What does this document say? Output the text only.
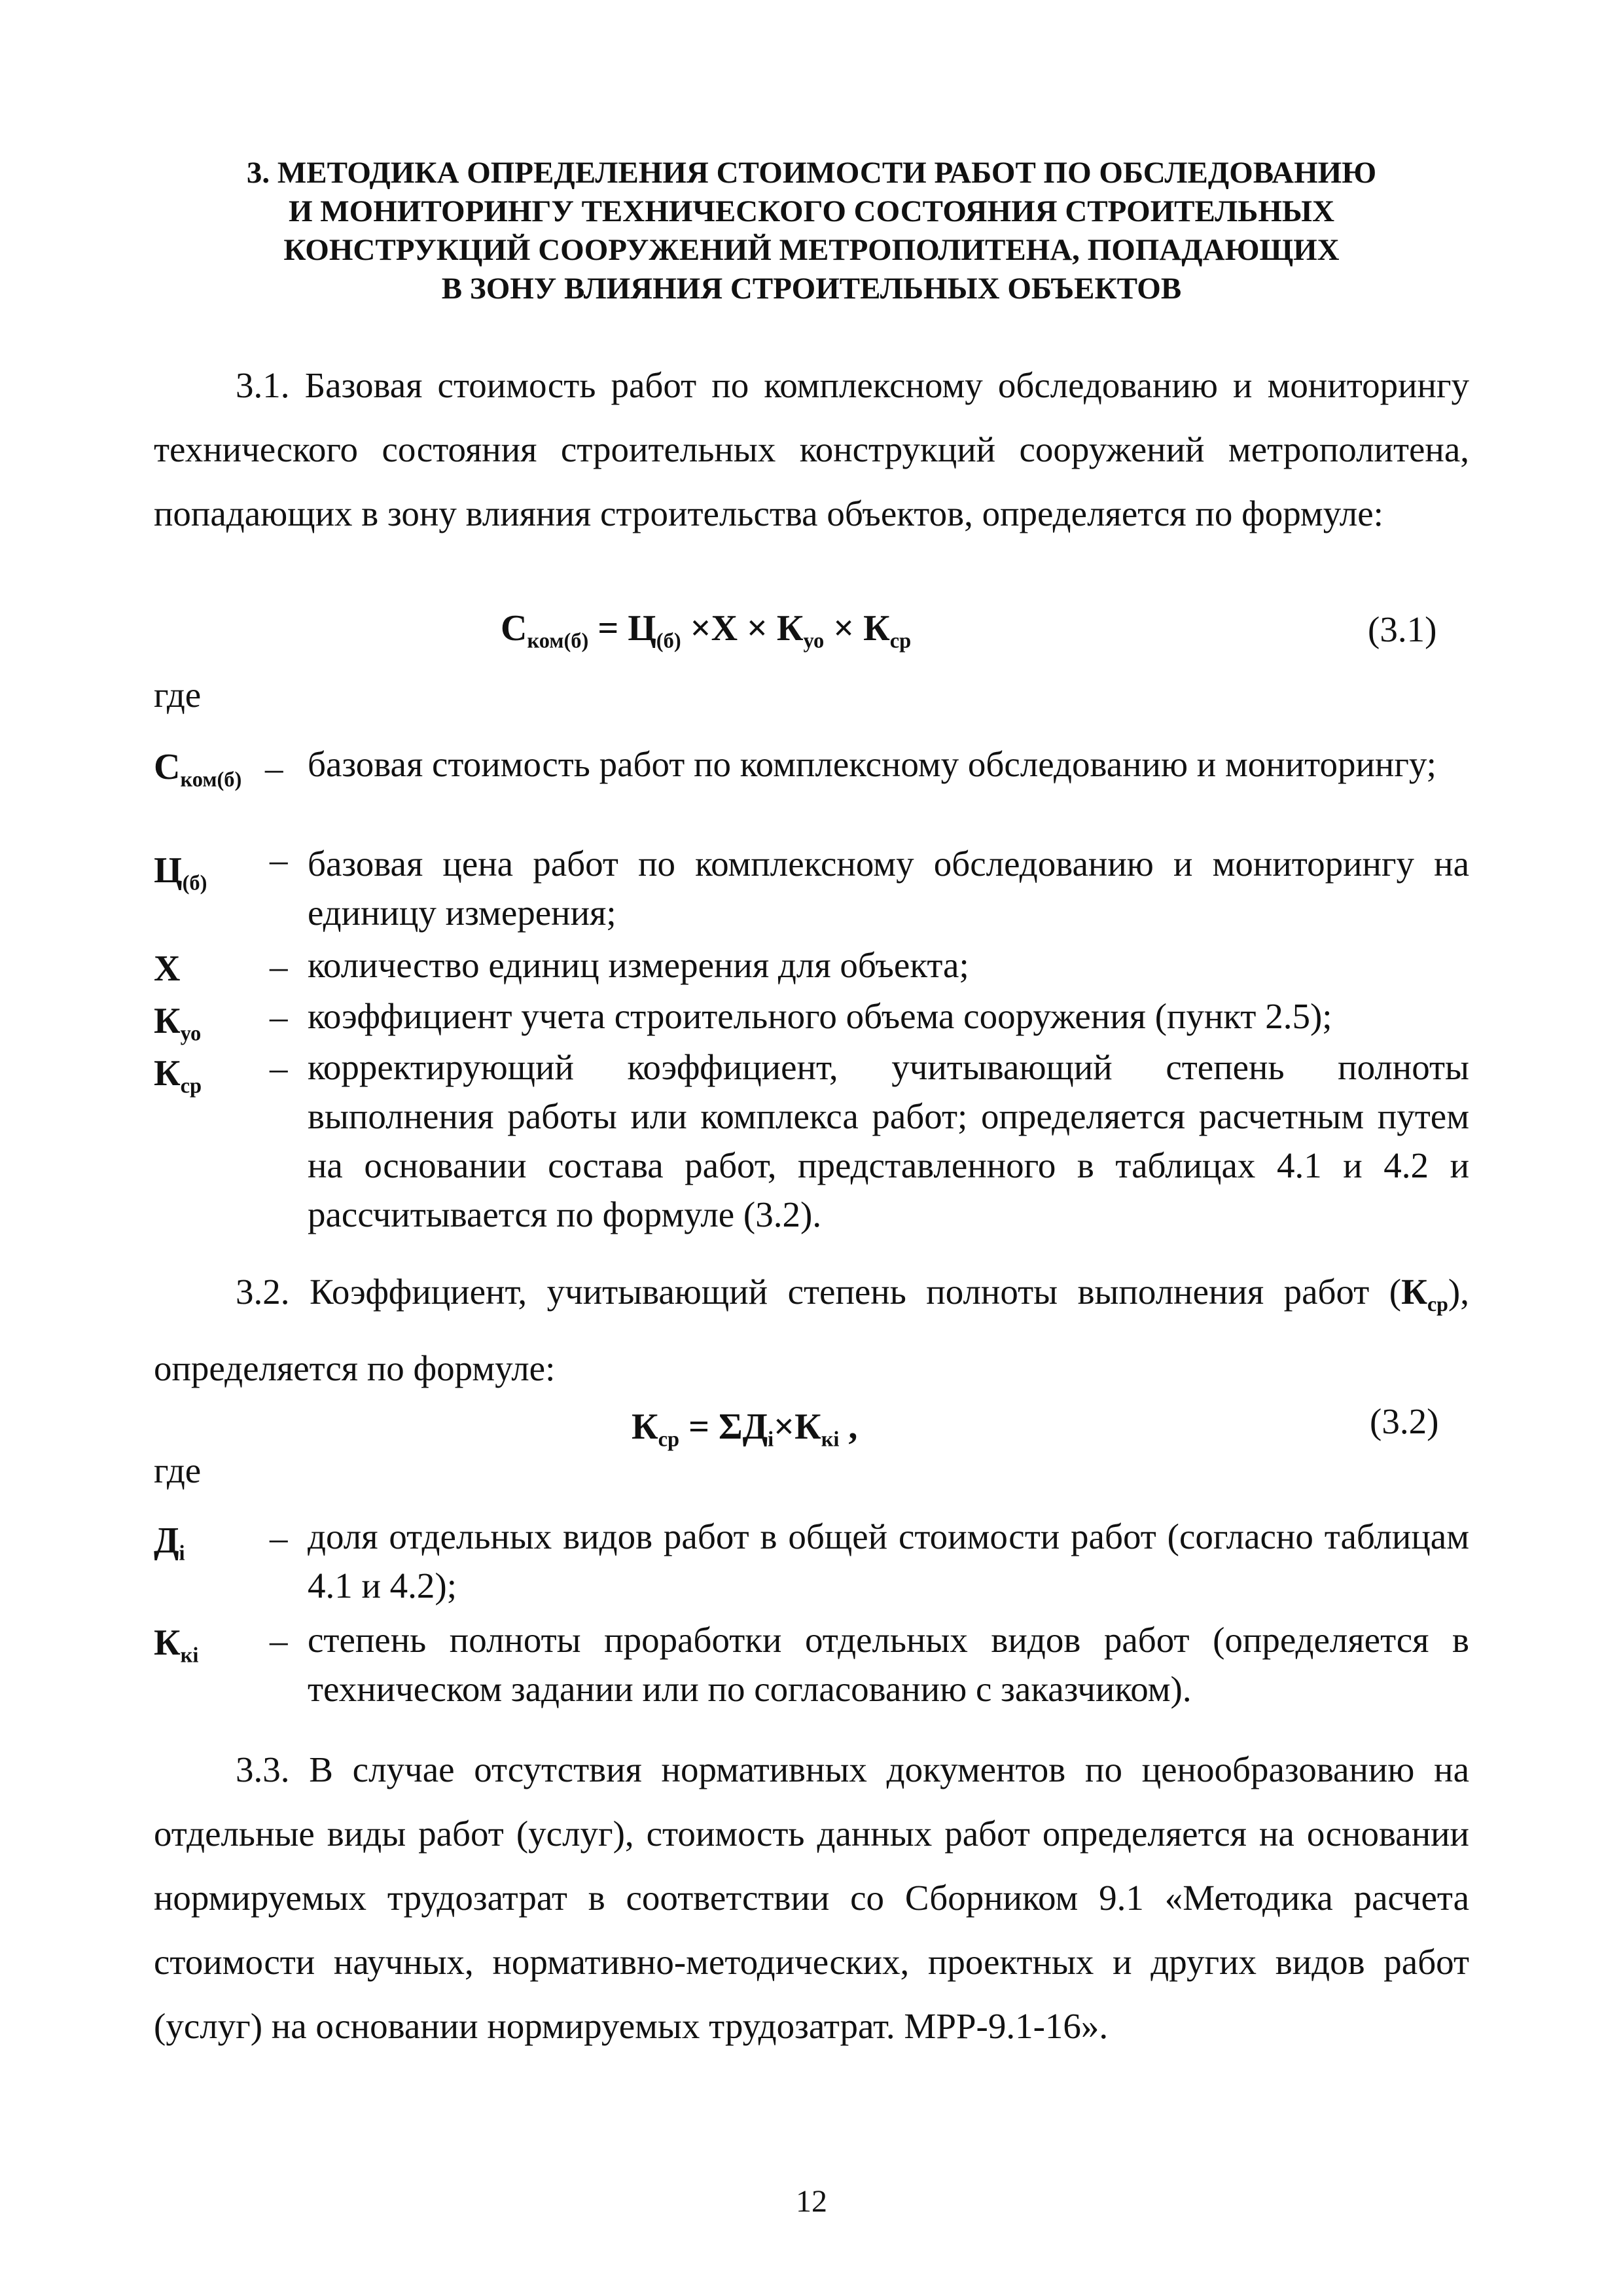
3. МЕТОДИКА ОПРЕДЕЛЕНИЯ СТОИМОСТИ РАБОТ ПО ОБСЛЕДОВАНИЮ
И МОНИТОРИНГУ ТЕХНИЧЕСКОГО СОСТОЯНИЯ СТРОИТЕЛЬНЫХ
КОНСТРУКЦИЙ СООРУЖЕНИЙ МЕТРОПОЛИТЕНА, ПОПАДАЮЩИХ
В ЗОНУ ВЛИЯНИЯ СТРОИТЕЛЬНЫХ ОБЪЕКТОВ
3.1. Базовая стоимость работ по комплексному обследованию и мониторингу технического состояния строительных конструкций сооружений метрополитена, попадающих в зону влияния строительства объектов, определяется по формуле:
$С_{ком(б)} = Ц_{(б)} \times Х \times К_{уо} \times К_{ср}$	(3.1)
где
$С_{ком(б)}$ – базовая стоимость работ по комплексному обследованию и мониторингу;
$Ц_{(б)}$
– базовая цена работ по комплексному обследованию и мониторингу на единицу измерения;
Х – количество единиц измерения для объекта;
$К_{уо}$ – коэффициент учета строительного объема сооружения (пункт 2.5);
$К_{ср}$ – корректирующий коэффициент, учитывающий степень полноты выполнения работы или комплекса работ; определяется расчетным путем на основании состава работ, представленного в таблицах 4.1 и 4.2 и рассчитывается по формуле (3.2).
3.2. Коэффициент, учитывающий степень полноты выполнения работ $(К_{ср})$, определяется по формуле:
$К_{ср} = \Sigma Д_i\times К_{кi}$ ,	(3.2)
где
$Д_i$ – доля отдельных видов работ в общей стоимости работ (согласно таблицам 4.1 и 4.2);
$К_{кi}$ – степень полноты проработки отдельных видов работ (определяется в техническом задании или по согласованию с заказчиком).
3.3. В случае отсутствия нормативных документов по ценообразованию на отдельные виды работ (услуг), стоимость данных работ определяется на основании нормируемых трудозатрат в соответствии со Сборником 9.1 «Методика расчета стоимости научных, нормативно-методических, проектных и других видов работ (услуг) на основании нормируемых трудозатрат. МРР-9.1-16».
12
